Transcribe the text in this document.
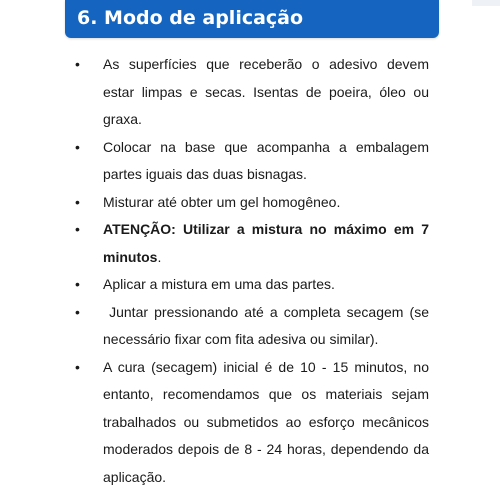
6. Modo de aplicação
• As superfícies que receberão o adesivo devem
estar limpas e secas. Isentas de poeira, óleo ou
graxa.
• Colocar na base que acompanha a embalagem
partes iguais das duas bisnagas.
• Misturar até obter um gel homogêneo.
• ATENÇÃO: Utilizar a mistura no máximo em 7
minutos.
• Aplicar a mistura em uma das partes.
• Juntar pressionando até a completa secagem (se
necessário fixar com fita adesiva ou similar).
• A cura (secagem) inicial é de 10 - 15 minutos, no
entanto, recomendamos que os materiais sejam
trabalhados ou submetidos ao esforço mecânicos
moderados depois de 8 - 24 horas, dependendo da
aplicação.
